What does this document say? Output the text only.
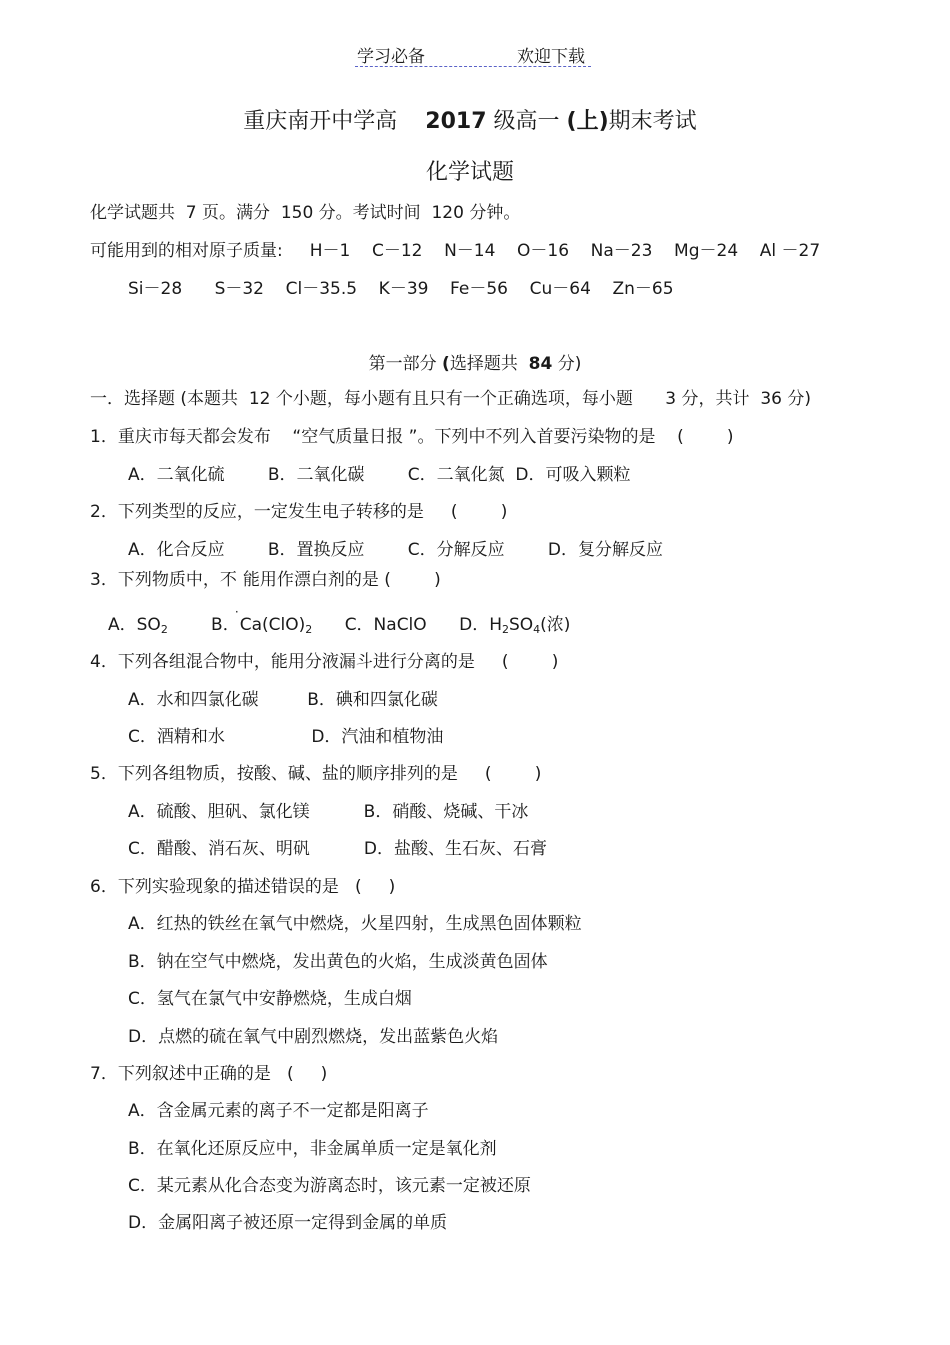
学习必备	欢迎下载
重庆南开中学高 2017 级高一 (上)期末考试
化学试题
化学试题共  7 页。满分  150 分。考试时间  120 分钟。
可能用到的相对原子质量:     H－1    C－12    N－14    O－16    Na－23    Mg－24    Al －27
Si－28      S－32    Cl－35.5    K－39    Fe－56    Cu－64    Zn－65
第一部分 (选择题共  84 分)
一．选择题 (本题共  12 个小题，每小题有且只有一个正确选项，每小题      3 分，共计  36 分)
1．重庆市每天都会发布    “空气质量日报 ”。下列中不列入首要污染物的是    (        )
A．二氧化硫        B．二氧化碳        C．二氧化氮  D．可吸入颗粒
2．下列类型的反应，一定发生电子转移的是     (        )
A．化合反应        B．置换反应        C．分解反应        D．复分解反应
3．下列物质中，不
·
能用作漂白剂的是 (        )
A．$SO_2$	B．$Ca(ClO)_2$ C．NaClO D．$H_2SO_4$(浓)
4．下列各组混合物中，能用分液漏斗进行分离的是     (        )
A．水和四氯化碳         B．碘和四氯化碳
C．酒精和水                D．汽油和植物油
5．下列各组物质，按酸、碱、盐的顺序排列的是     (        )
A．硫酸、胆矾、氯化镁          B．硝酸、烧碱、干冰
C．醋酸、消石灰、明矾          D．盐酸、生石灰、石膏
6．下列实验现象的描述错误的是   (     )
A．红热的铁丝在氧气中燃烧，火星四射，生成黑色固体颗粒
B．钠在空气中燃烧，发出黄色的火焰，生成淡黄色固体
C．氢气在氯气中安静燃烧，生成白烟
D．点燃的硫在氧气中剧烈燃烧，发出蓝紫色火焰
7．下列叙述中正确的是   (     )
A．含金属元素的离子不一定都是阳离子
B．在氧化还原反应中，非金属单质一定是氧化剂
C．某元素从化合态变为游离态时，该元素一定被还原
D．金属阳离子被还原一定得到金属的单质
